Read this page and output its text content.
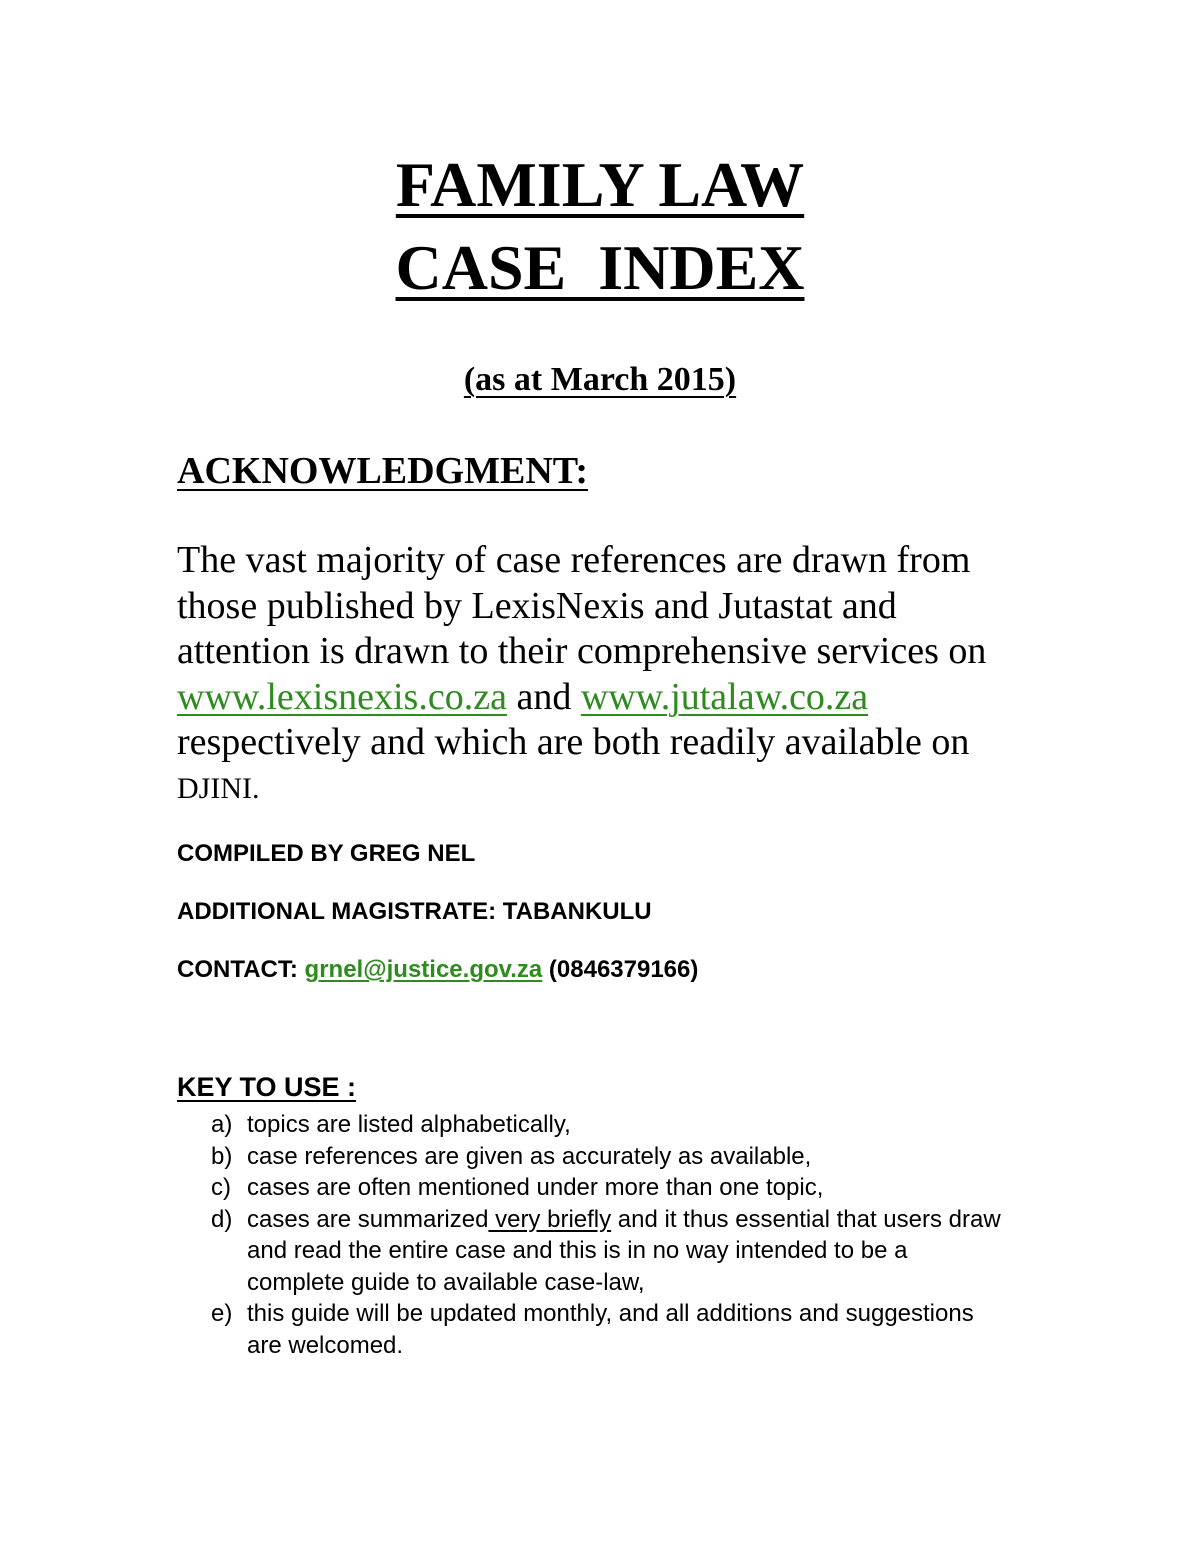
FAMILY LAW
CASE  INDEX
(as at March 2015)
ACKNOWLEDGMENT:
The vast majority of case references are drawn from
those published by LexisNexis and Jutastat and
attention is drawn to their comprehensive services on
www.lexisnexis.co.za and www.jutalaw.co.za
respectively and which are both readily available on
DJINI.
COMPILED BY GREG NEL
ADDITIONAL MAGISTRATE: TABANKULU
CONTACT: grnel@justice.gov.za (0846379166)
KEY TO USE :
a) topics are listed alphabetically,
b) case references are given as accurately as available,
c) cases are often mentioned under more than one topic,
d) cases are summarized very briefly and it thus essential that users draw and read the entire case and this is in no way intended to be a complete guide to available case-law,
e) this guide will be updated monthly, and all additions and suggestions are welcomed.
